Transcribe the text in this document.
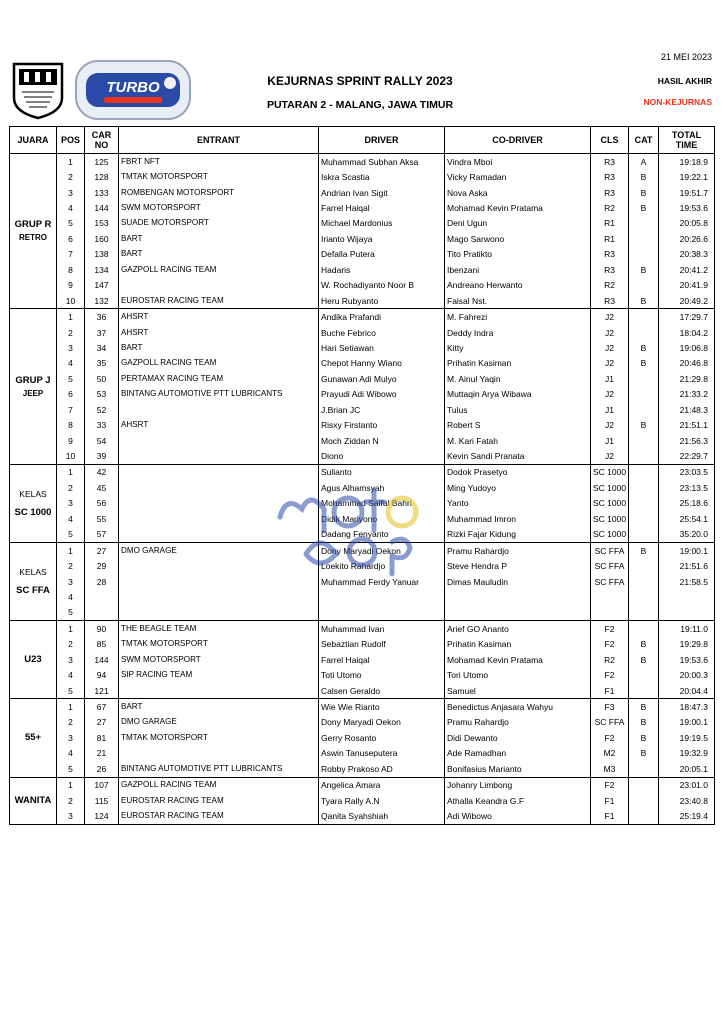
TURBO
21 MEI 2023
HASIL AKHIR
NON-KEJURNAS
KEJURNAS SPRINT RALLY 2023
PUTARAN 2 - MALANG, JAWA TIMUR
JUARA	POS	CAR NO	ENTRANT	DRIVER	CO-DRIVER	CLS	CAT	TOTAL TIME

GRUP R
RETRO	1	125	FBRT NFT	Muhammad Subhan Aksa	Vindra Mboi	R3	A	19:18.9
	2	128	TMTAK MOTORSPORT	Iskra Scastia	Vicky Ramadan	R3	B	19:22.1
	3	133	ROMBENGAN MOTORSPORT	Andrian Ivan Sigit	Nova Aska	R3	B	19:51.7
	4	144	SWM MOTORSPORT	Farrel Haiqal	Mohamad Kevin Pratama	R2	B	19:53.6
	5	153	SUADE MOTORSPORT	Michael Mardonius	Deni Ugun	R1		20:05.8
	6	160	BART	Irianto Wijaya	Mago Sarwono	R1		20:26.6
	7	138	BART	Defalla Putera	Tito Pratikto	R3		20:38.3
	8	134	GAZPOLL RACING TEAM	Hadaris	Ibenzani	R3	B	20:41.2
	9	147		W. Rochadiyanto Noor B	Andreano Herwanto	R2		20:41.9
	10	132	EUROSTAR RACING TEAM	Heru Rubyanto	Faisal Nst.	R3	B	20:49.2

GRUP J
JEEP	1	36	AHSRT	Andika Prafandi	M. Fahrezi	J2		17:29.7
	2	37	AHSRT	Buche Febrico	Deddy Indra	J2		18:04.2
	3	34	BART	Hari Setiawan	Kitty	J2	B	19:06.8
	4	35	GAZPOLL RACING TEAM	Chepot Hanny Wiano	Prihatin Kasiman	J2	B	20:46.8
	5	50	PERTAMAX RACING TEAM	Gunawan Adi Mulyo	M. Ainul Yaqin	J1		21:29.8
	6	53	BINTANG AUTOMOTIVE PTT LUBRICANTS	Prayudi Adi Wibowo	Muttaqin Arya Wibawa	J2		21:33.2
	7	52		J.Brian JC	Tulus	J1		21:48.3
	8	33	AHSRT	Risxy Firstanto	Robert S	J2	B	21:51.1
	9	54		Moch Ziddan N	M. Kari Fatah	J1		21:56.3
	10	39		Diono	Kevin Sandi Pranata	J2		22:29.7

KELAS
SC 1000	1	42		Sulianto	Dodok Prasetyo	SC 1000		23:03.5
	2	45		Agus Alhamsyah	Ming Yudoyo	SC 1000		23:13.5
	3	56		Mohammad Saiful Bahri	Yanto	SC 1000		25:18.6
	4	55		Didik Mariyono	Muhammad Imron	SC 1000		25:54.1
	5	57		Dadang Fenyanto	Rizki Fajar Kidung	SC 1000		35:20.0

KELAS
SC FFA	1	27	DMO GARAGE	Dony Maryadi Oekon	Pramu Rahardjo	SC FFA	B	19:00.1
	2	29		Loekito Rahardjo	Steve Hendra P	SC FFA		21:51.6
	3	28		Muhammad Ferdy Yanuar	Dimas Mauludin	SC FFA		21:58.5
	4							
	5							

U23	1	90	THE BEAGLE TEAM	Muhammad Ivan	Arief GO Ananto	F2		19:11.0
	2	85	TMTAK MOTORSPORT	Sebaztian Rudolf	Prihatin Kasiman	F2	B	19:29.8
	3	144	SWM MOTORSPORT	Farrel Haiqal	Mohamad Kevin Pratama	R2	B	19:53.6
	4	94	SIP RACING TEAM	Toti Utomo	Tori Utomo	F2		20:00.3
	5	121		Calsen Geraldo	Samuel	F1		20:04.4

55+	1	67	BART	Wie Wie Rianto	Benedictus Anjasara Wahyu	F3	B	18:47.3
	2	27	DMO GARAGE	Dony Maryadi Oekon	Pramu Rahardjo	SC FFA	B	19:00.1
	3	81	TMTAK MOTORSPORT	Gerry Rosanto	Didi Dewanto	F2	B	19:19.5
	4	21		Aswin Tanuseputera	Ade Ramadhan	M2	B	19:32.9
	5	26	BINTANG AUTOMOTIVE PTT LUBRICANTS	Robby Prakoso AD	Bonifasius Marianto	M3		20:05.1

WANITA	1	107	GAZPOLL RACING TEAM	Angelica Amara	Johanry Limbong	F2		23:01.0
	2	115	EUROSTAR RACING TEAM	Tyara Rally A.N	Athalla Keandra G.F	F1		23:40.8
	3	124	EUROSTAR RACING TEAM	Qanita Syahshiah	Adi Wibowo	F1		25:19.4
